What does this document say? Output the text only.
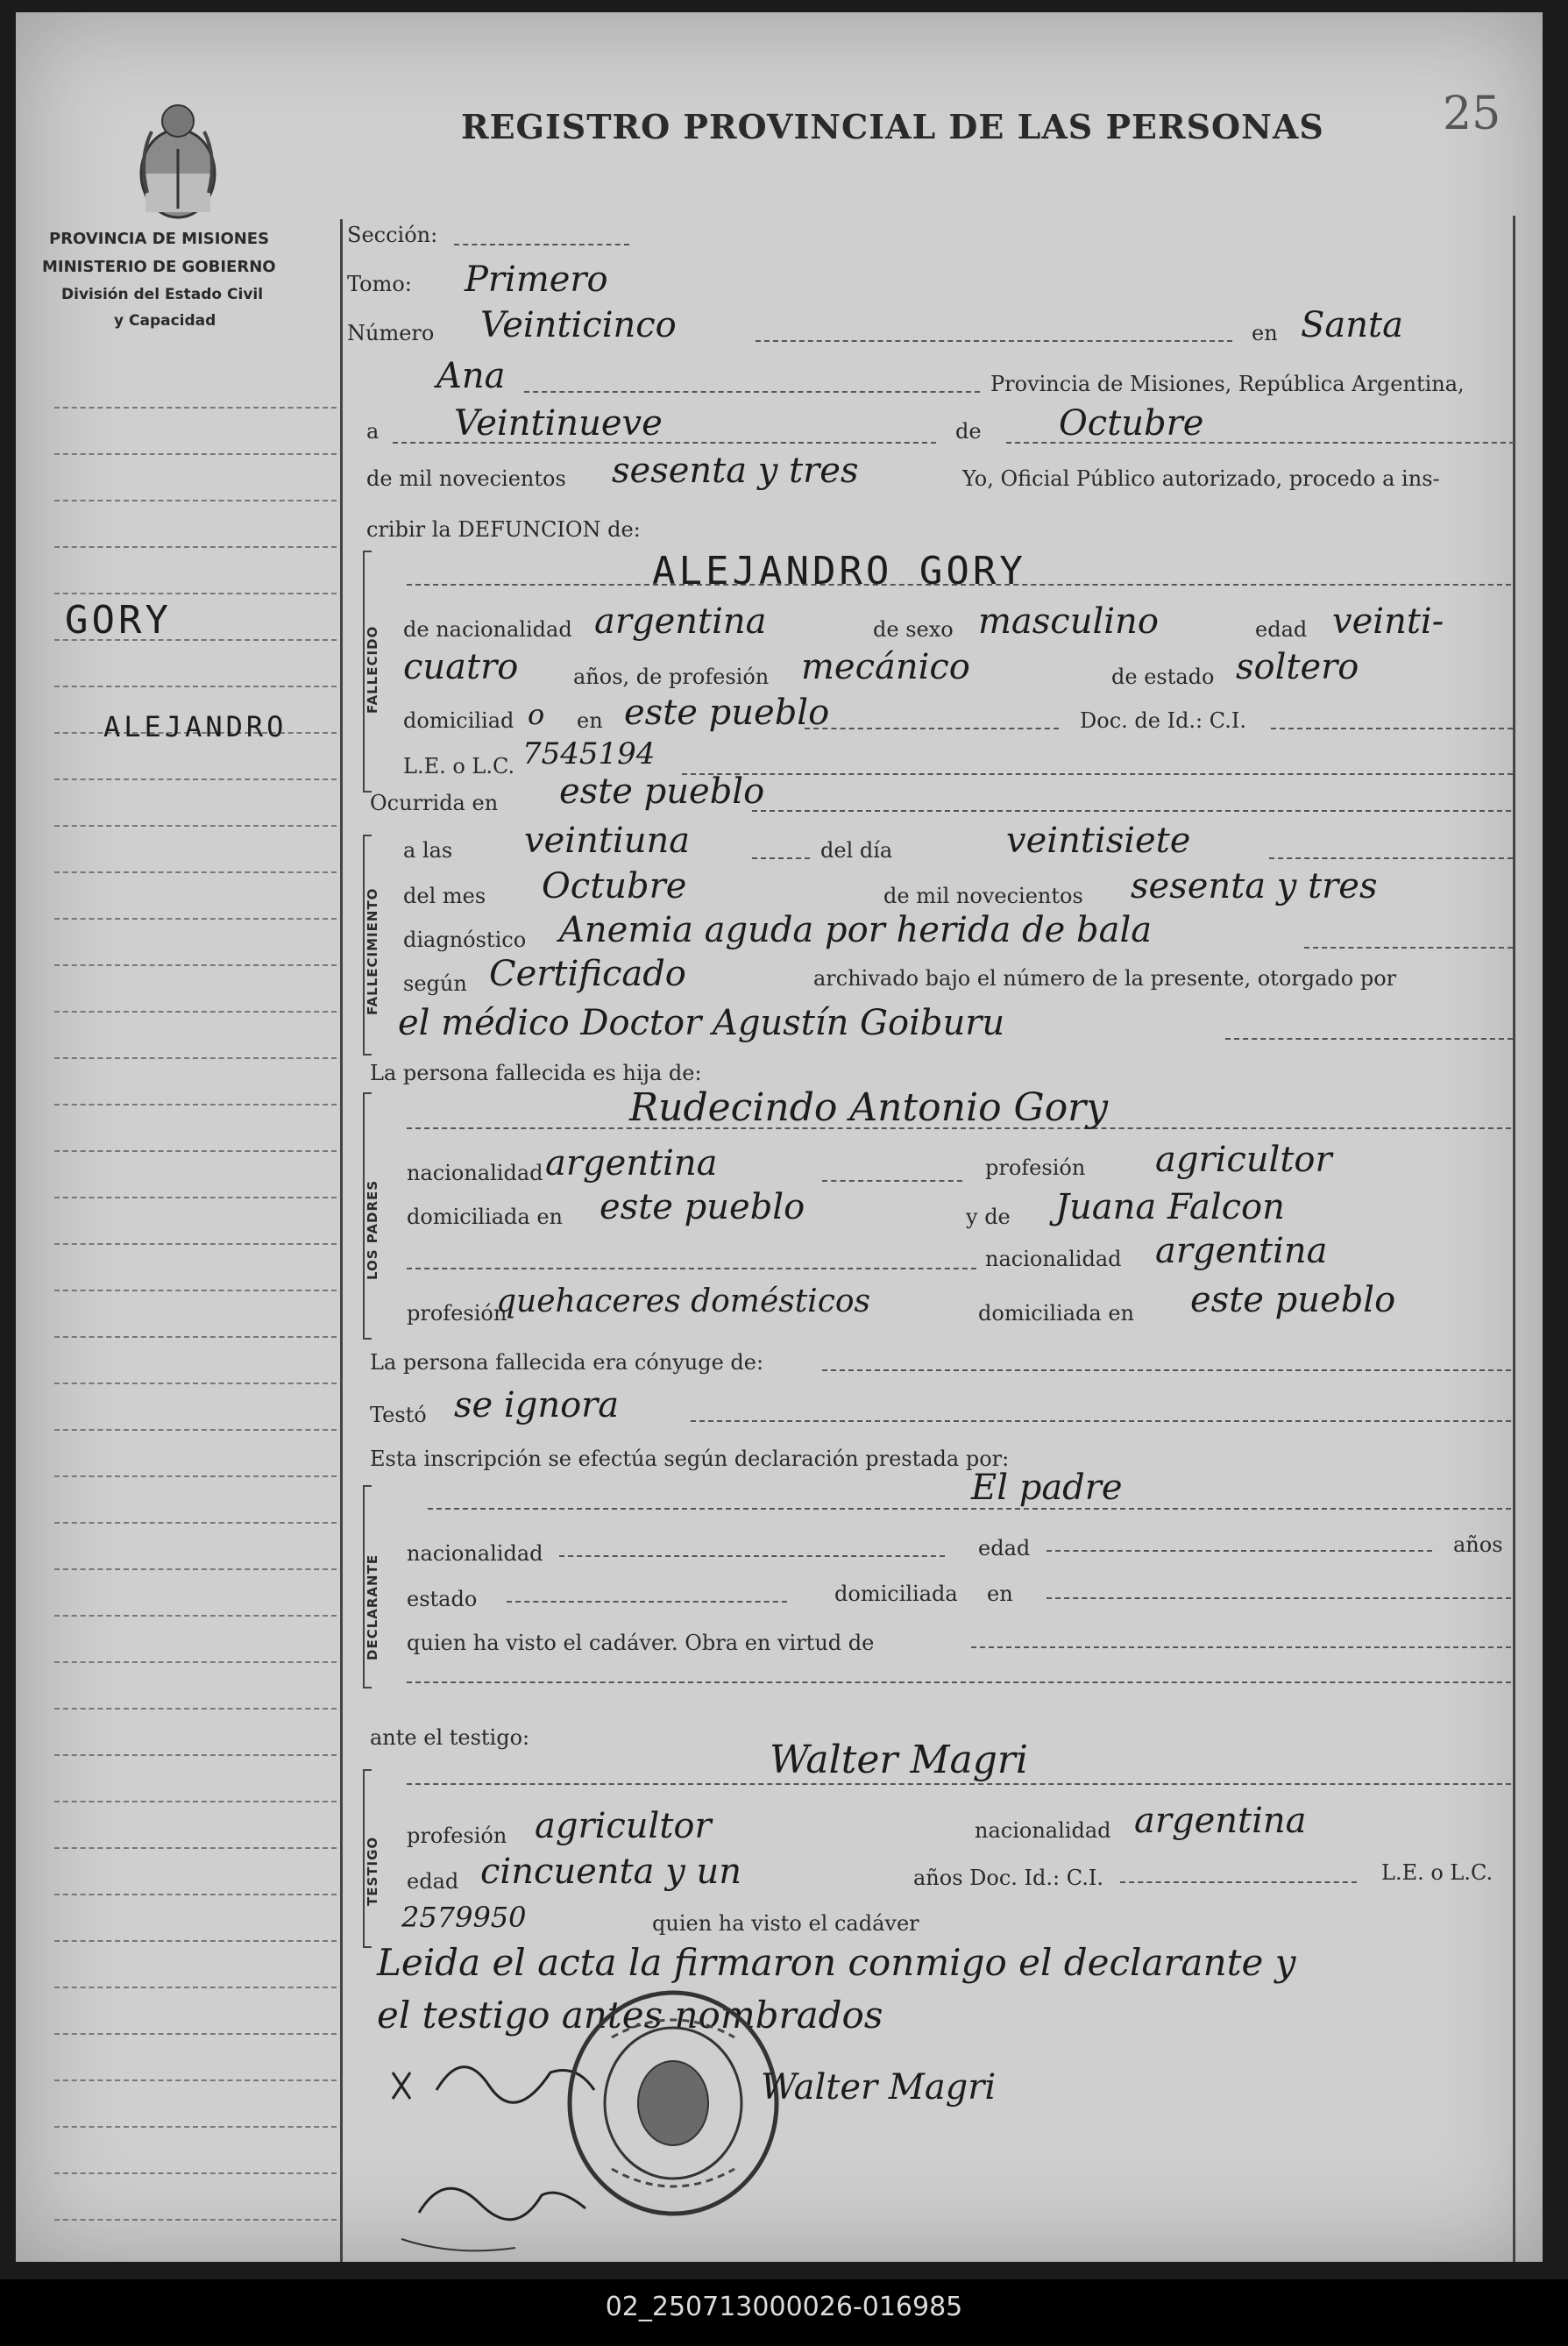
PROVINCIA DE MISIONES
MINISTERIO DE GOBIERNO
División del Estado Civil
y Capacidad
REGISTRO PROVINCIAL DE LAS PERSONAS	25
GORY
ALEJANDRO
Sección:
Tomo: Primero
Número Veinticinco	en Santa
Ana	Provincia de Misiones, República Argentina,
a Veintinueve	de Octubre
de mil novecientos sesenta y tres	Yo, Oficial Público autorizado, procedo a ins-
cribir la DEFUNCION de:
FALLECIDO
ALEJANDRO GORY
de nacionalidad argentina	de sexo masculino	edad veinti-
cuatro	años, de profesión mecánico	de estado soltero
domiciliad o en este pueblo	Doc. de Id.: C.I.
L.E. o L.C. 7545194
Ocurrida en este pueblo
FALLECIMIENTO
a las veintiuna	del día	veintisiete
del mes Octubre	de mil novecientos sesenta y tres
diagnóstico Anemia aguda por herida de bala
según Certificado	archivado bajo el número de la presente, otorgado por
el médico Doctor Agustín Goiburu
La persona fallecida es hija de:
LOS PADRES
Rudecindo Antonio Gory
nacionalidad argentina	profesión agricultor
domiciliada en este pueblo	y de Juana Falcon
nacionalidad argentina
profesión
quehaceres domésticos	domiciliada en este pueblo
La persona fallecida era cónyuge de:
Testó se ignora
Esta inscripción se efectúa según declaración prestada por:
DECLARANTE
El padre
nacionalidad	edad	años
estado	domiciliada en
quien ha visto el cadáver. Obra en virtud de
ante el testigo:
TESTIGO
Walter Magri
profesión agricultor	nacionalidad argentina
edad cincuenta y un	años Doc. Id.: C.I.	L.E. o L.C.
2579950	quien ha visto el cadáver
Leida el acta la firmaron conmigo el declarante y
el testigo antes nombrados
Walter Magri
02_250713000026-016985
